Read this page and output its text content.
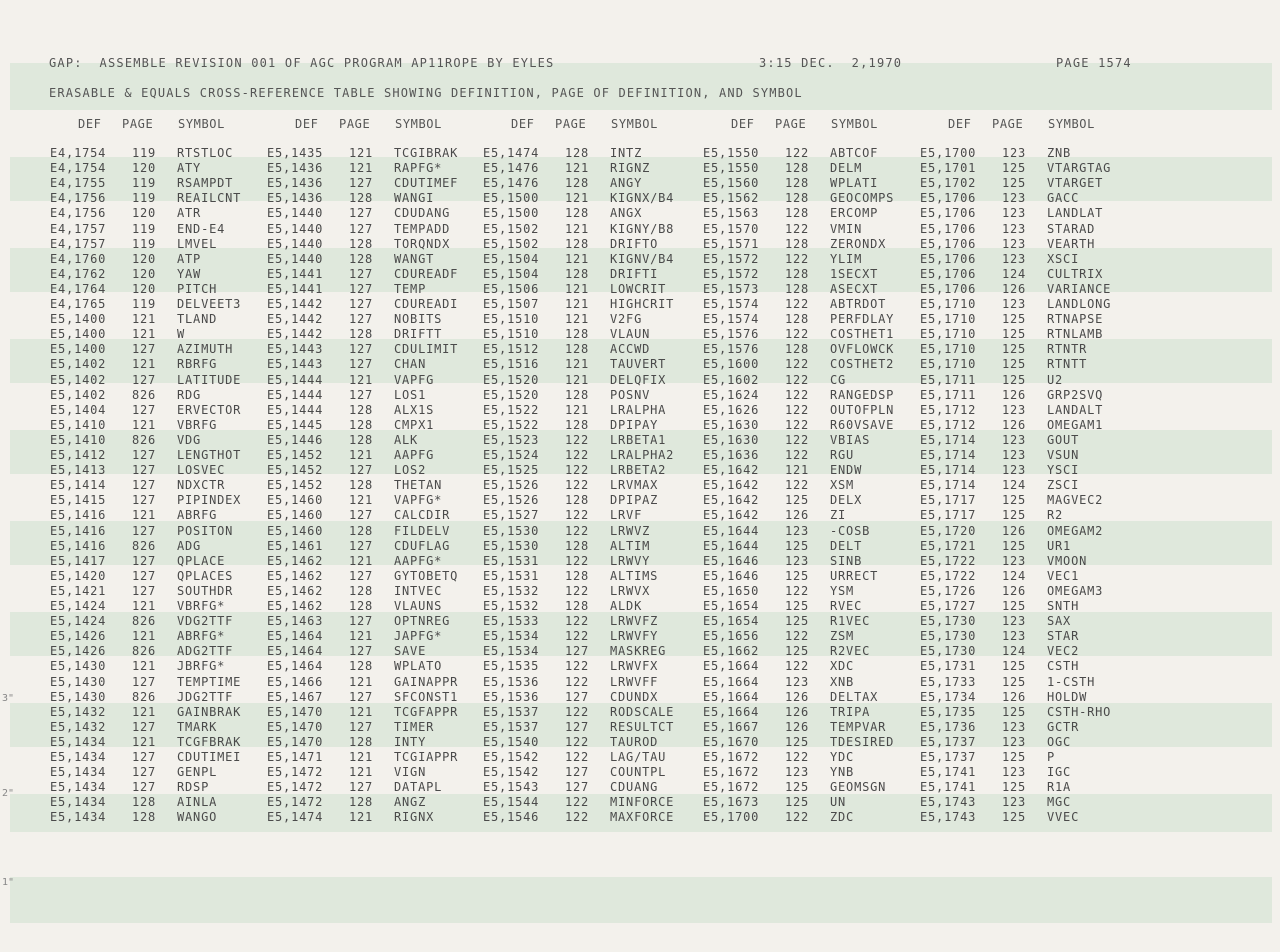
GAP:  ASSEMBLE REVISION 001 OF AGC PROGRAM AP11ROPE BY EYLES	3:15 DEC.  2,1970	PAGE 1574
ERASABLE & EQUALS CROSS-REFERENCE TABLE SHOWING DEFINITION, PAGE OF DEFINITION, AND SYMBOL
DEF PAGE SYMBOL	DEF PAGE SYMBOL	DEF PAGE SYMBOL	DEF PAGE SYMBOL	DEF PAGE SYMBOL
E4,1754 119 RTSTLOC	E5,1435 121 TCGIBRAK E5,1474 128 INTZ	E5,1550 122 ABTCOF	E5,1700 123 ZNB
E4,1754 120 ATY	E5,1436 121 RAPFG*	E5,1476 121 RIGNZ	E5,1550 128 DELM	E5,1701 125 VTARGTAG
E4,1755 119 RSAMPDT	E5,1436 127 CDUTIMEF E5,1476 128 ANGY	E5,1560 128 WPLATI	E5,1702 125 VTARGET
E4,1756 119 REAILCNT E5,1436 128 WANGI	E5,1500 121 KIGNX/B4 E5,1562 128 GEOCOMPS E5,1706 123 GACC
E4,1756 120 ATR	E5,1440 127 CDUDANG	E5,1500 128 ANGX	E5,1563 128 ERCOMP	E5,1706 123 LANDLAT
E4,1757 119 END-E4	E5,1440 127 TEMPADD	E5,1502 121 KIGNY/B8 E5,1570 122 VMIN	E5,1706 123 STARAD
E4,1757 119 LMVEL	E5,1440 128 TORQNDX	E5,1502 128 DRIFTO	E5,1571 128 ZERONDX	E5,1706 123 VEARTH
E4,1760 120 ATP	E5,1440 128 WANGT	E5,1504 121 KIGNV/B4 E5,1572 122 YLIM	E5,1706 123 XSCI
E4,1762 120 YAW	E5,1441 127 CDUREADF E5,1504 128 DRIFTI	E5,1572 128 1SECXT	E5,1706 124 CULTRIX
E4,1764 120 PITCH	E5,1441 127 TEMP	E5,1506 121 LOWCRIT	E5,1573 128 ASECXT	E5,1706 126 VARIANCE
E4,1765 119 DELVEET3 E5,1442 127 CDUREADI E5,1507 121 HIGHCRIT E5,1574 122 ABTRDOT	E5,1710 123 LANDLONG
E5,1400 121 TLAND	E5,1442 127 NOBITS	E5,1510 121 V2FG	E5,1574 128 PERFDLAY E5,1710 125 RTNAPSE
E5,1400 121 W	E5,1442 128 DRIFTT	E5,1510 128 VLAUN	E5,1576 122 COSTHET1 E5,1710 125 RTNLAMB
E5,1400 127 AZIMUTH	E5,1443 127 CDULIMIT E5,1512 128 ACCWD	E5,1576 128 OVFLOWCK E5,1710 125 RTNTR
E5,1402 121 RBRFG	E5,1443 127 CHAN	E5,1516 121 TAUVERT	E5,1600 122 COSTHET2 E5,1710 125 RTNTT
E5,1402 127 LATITUDE E5,1444 121 VAPFG	E5,1520 121 DELQFIX	E5,1602 122 CG	E5,1711 125 U2
E5,1402 826 RDG	E5,1444 127 LOS1	E5,1520 128 POSNV	E5,1624 122 RANGEDSP E5,1711 126 GRP2SVQ
E5,1404 127 ERVECTOR E5,1444 128 ALX1S	E5,1522 121 LRALPHA	E5,1626 122 OUTOFPLN E5,1712 123 LANDALT
E5,1410 121 VBRFG	E5,1445 128 CMPX1	E5,1522 128 DPIPAY	E5,1630 122 R60VSAVE E5,1712 126 OMEGAM1
E5,1410 826 VDG	E5,1446 128 ALK	E5,1523 122 LRBETA1	E5,1630 122 VBIAS	E5,1714 123 GOUT
E5,1412 127 LENGTHOT E5,1452 121 AAPFG	E5,1524 122 LRALPHA2 E5,1636 122 RGU	E5,1714 123 VSUN
E5,1413 127 LOSVEC	E5,1452 127 LOS2	E5,1525 122 LRBETA2	E5,1642 121 ENDW	E5,1714 123 YSCI
E5,1414 127 NDXCTR	E5,1452 128 THETAN	E5,1526 122 LRVMAX	E5,1642 122 XSM	E5,1714 124 ZSCI
E5,1415 127 PIPINDEX E5,1460 121 VAPFG*	E5,1526 128 DPIPAZ	E5,1642 125 DELX	E5,1717 125 MAGVEC2
E5,1416 121 ABRFG	E5,1460 127 CALCDIR	E5,1527 122 LRVF	E5,1642 126 ZI	E5,1717 125 R2
E5,1416 127 POSITON	E5,1460 128 FILDELV	E5,1530 122 LRWVZ	E5,1644 123 -COSB	E5,1720 126 OMEGAM2
E5,1416 826 ADG	E5,1461 127 CDUFLAG	E5,1530 128 ALTIM	E5,1644 125 DELT	E5,1721 125 UR1
E5,1417 127 QPLACE	E5,1462 121 AAPFG*	E5,1531 122 LRWVY	E5,1646 123 SINB	E5,1722 123 VMOON
E5,1420 127 QPLACES	E5,1462 127 GYTOBETQ E5,1531 128 ALTIMS	E5,1646 125 URRECT	E5,1722 124 VEC1
E5,1421 127 SOUTHDR	E5,1462 128 INTVEC	E5,1532 122 LRWVX	E5,1650 122 YSM	E5,1726 126 OMEGAM3
E5,1424 121 VBRFG*	E5,1462 128 VLAUNS	E5,1532 128 ALDK	E5,1654 125 RVEC	E5,1727 125 SNTH
E5,1424 826 VDG2TTF	E5,1463 127 OPTNREG	E5,1533 122 LRWVFZ	E5,1654 125 R1VEC	E5,1730 123 SAX
E5,1426 121 ABRFG*	E5,1464 121 JAPFG*	E5,1534 122 LRWVFY	E5,1656 122 ZSM	E5,1730 123 STAR
E5,1426 826 ADG2TTF	E5,1464 127 SAVE	E5,1534 127 MASKREG	E5,1662 125 R2VEC	E5,1730 124 VEC2
E5,1430 121 JBRFG*	E5,1464 128 WPLATO	E5,1535 122 LRWVFX	E5,1664 122 XDC	E5,1731 125 CSTH
E5,1430 127 TEMPTIME E5,1466 121 GAINAPPR E5,1536 122 LRWVFF	E5,1664 123 XNB	E5,1733 125 1-CSTH
E5,1430 826 JDG2TTF	E5,1467 127 SFCONST1 E5,1536 127 CDUNDX	E5,1664 126 DELTAX	E5,1734 126 HOLDW
E5,1432 121 GAINBRAK E5,1470 121 TCGFAPPR E5,1537 122 RODSCALE E5,1664 126 TRIPA	E5,1735 125 CSTH-RHO
E5,1432 127 TMARK	E5,1470 127 TIMER	E5,1537 127 RESULTCT E5,1667 126 TEMPVAR	E5,1736 123 GCTR
E5,1434 121 TCGFBRAK E5,1470 128 INTY	E5,1540 122 TAUROD	E5,1670 125 TDESIRED E5,1737 123 OGC
E5,1434 127 CDUTIMEI E5,1471 121 TCGIAPPR E5,1542 122 LAG/TAU	E5,1672 122 YDC	E5,1737 125 P
E5,1434 127 GENPL	E5,1472 121 VIGN	E5,1542 127 COUNTPL	E5,1672 123 YNB	E5,1741 123 IGC
E5,1434 127 RDSP	E5,1472 127 DATAPL	E5,1543 127 CDUANG	E5,1672 125 GEOMSGN	E5,1741 125 R1A
E5,1434 128 AINLA	E5,1472 128 ANGZ	E5,1544 122 MINFORCE E5,1673 125 UN	E5,1743 123 MGC
E5,1434 128 WANGO	E5,1474 121 RIGNX	E5,1546 122 MAXFORCE E5,1700 122 ZDC	E5,1743 125 VVEC
3"
2"
1"
